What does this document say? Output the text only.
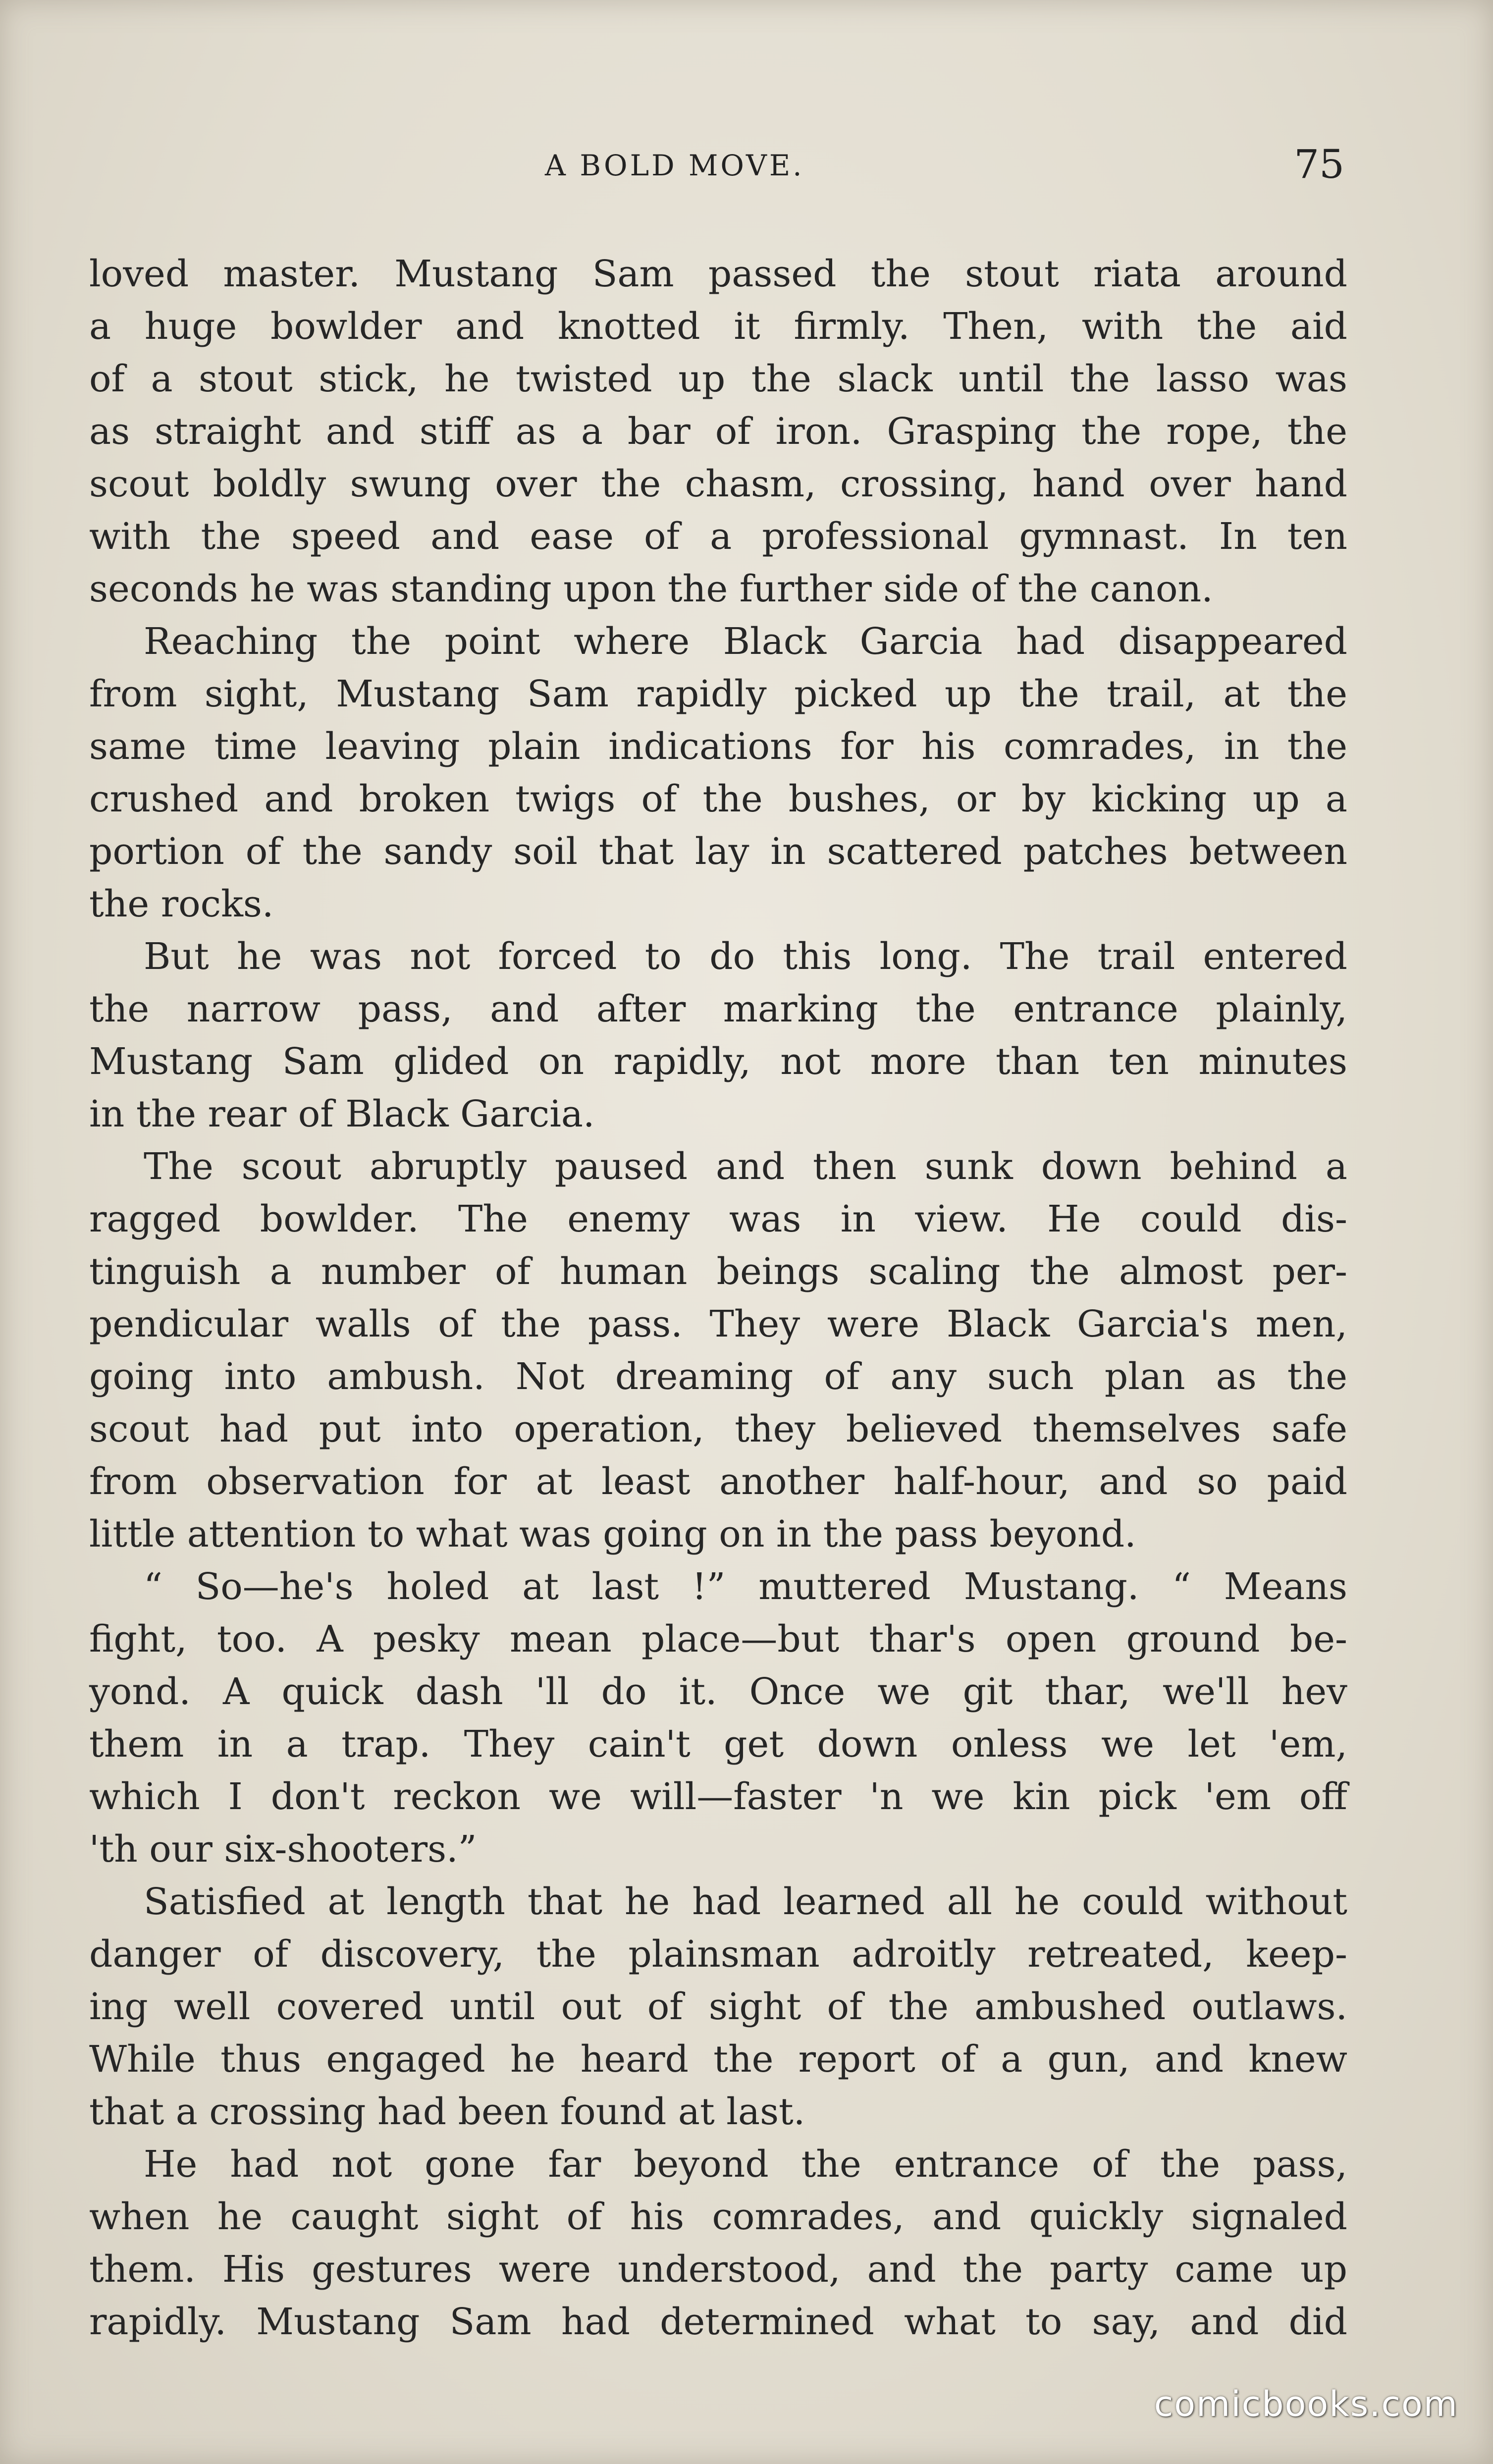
A BOLD MOVE.	75
loved master. Mustang Sam passed the stout riata around
a huge bowlder and knotted it firmly. Then, with the aid
of a stout stick, he twisted up the slack until the lasso was
as straight and stiff as a bar of iron. Grasping the rope, the
scout boldly swung over the chasm, crossing, hand over hand
with the speed and ease of a professional gymnast. In ten
seconds he was standing upon the further side of the canon.
Reaching the point where Black Garcia had disappeared
from sight, Mustang Sam rapidly picked up the trail, at the
same time leaving plain indications for his comrades, in the
crushed and broken twigs of the bushes, or by kicking up a
portion of the sandy soil that lay in scattered patches between
the rocks.
But he was not forced to do this long. The trail entered
the narrow pass, and after marking the entrance plainly,
Mustang Sam glided on rapidly, not more than ten minutes
in the rear of Black Garcia.
The scout abruptly paused and then sunk down behind a
ragged bowlder. The enemy was in view. He could dis-
tinguish a number of human beings scaling the almost per-
pendicular walls of the pass. They were Black Garcia's men,
going into ambush. Not dreaming of any such plan as the
scout had put into operation, they believed themselves safe
from observation for at least another half-hour, and so paid
little attention to what was going on in the pass beyond.
“ So—he's holed at last !” muttered Mustang. “ Means
fight, too. A pesky mean place—but thar's open ground be-
yond. A quick dash 'll do it. Once we git thar, we'll hev
them in a trap. They cain't get down onless we let 'em,
which I don't reckon we will—faster 'n we kin pick 'em off
'th our six-shooters.”
Satisfied at length that he had learned all he could without
danger of discovery, the plainsman adroitly retreated, keep-
ing well covered until out of sight of the ambushed outlaws.
While thus engaged he heard the report of a gun, and knew
that a crossing had been found at last.
He had not gone far beyond the entrance of the pass,
when he caught sight of his comrades, and quickly signaled
them. His gestures were understood, and the party came up
rapidly. Mustang Sam had determined what to say, and did
comicbooks.com
